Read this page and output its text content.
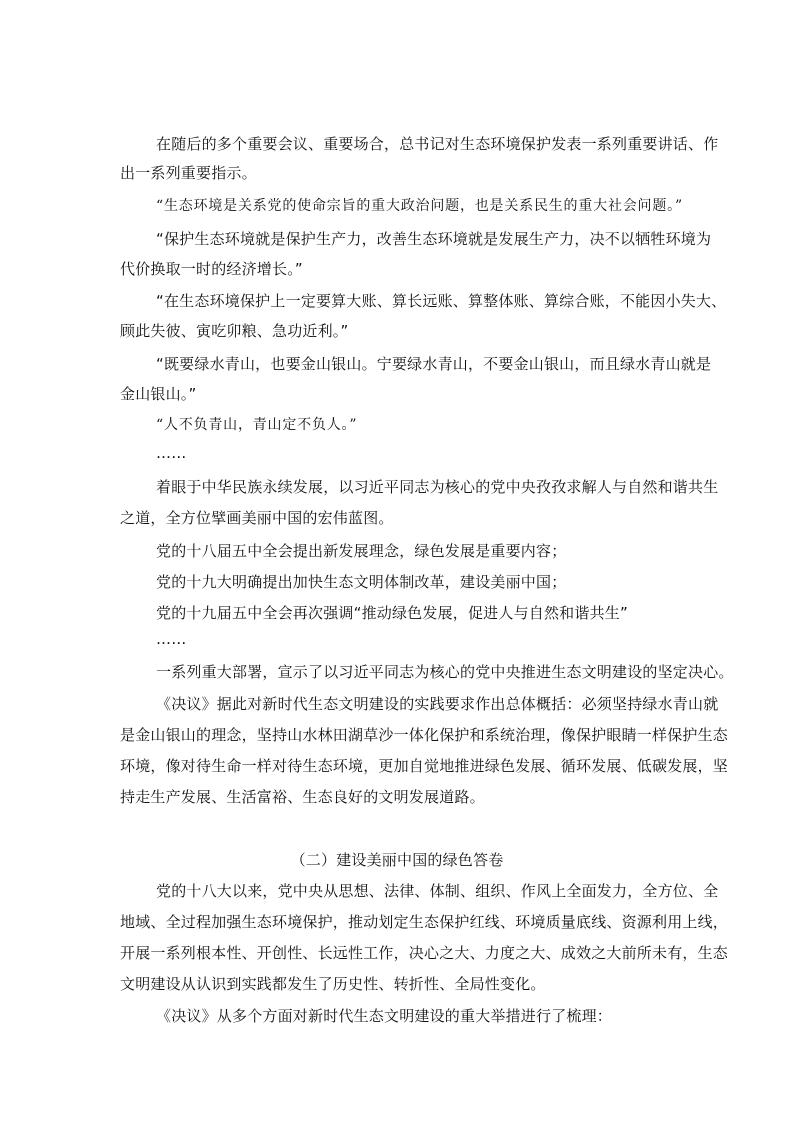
在随后的多个重要会议、重要场合，总书记对生态环境保护发表一系列重要讲话、作
出一系列重要指示。
“生态环境是关系党的使命宗旨的重大政治问题，也是关系民生的重大社会问题。”
“保护生态环境就是保护生产力，改善生态环境就是发展生产力，决不以牺牲环境为
代价换取一时的经济增长。”
“在生态环境保护上一定要算大账、算长远账、算整体账、算综合账，不能因小失大、
顾此失彼、寅吃卯粮、急功近利。”
“既要绿水青山，也要金山银山。宁要绿水青山，不要金山银山，而且绿水青山就是
金山银山。”
“人不负青山，青山定不负人。”
……
着眼于中华民族永续发展，以习近平同志为核心的党中央孜孜求解人与自然和谐共生
之道，全方位擘画美丽中国的宏伟蓝图。
党的十八届五中全会提出新发展理念，绿色发展是重要内容；
党的十九大明确提出加快生态文明体制改革，建设美丽中国；
党的十九届五中全会再次强调“推动绿色发展，促进人与自然和谐共生”
……
一系列重大部署，宣示了以习近平同志为核心的党中央推进生态文明建设的坚定决心。
《决议》据此对新时代生态文明建设的实践要求作出总体概括：必须坚持绿水青山就
是金山银山的理念，坚持山水林田湖草沙一体化保护和系统治理，像保护眼睛一样保护生态
环境，像对待生命一样对待生态环境，更加自觉地推进绿色发展、循环发展、低碳发展，坚
持走生产发展、生活富裕、生态良好的文明发展道路。
（二）建设美丽中国的绿色答卷
党的十八大以来，党中央从思想、法律、体制、组织、作风上全面发力，全方位、全
地域、全过程加强生态环境保护，推动划定生态保护红线、环境质量底线、资源利用上线，
开展一系列根本性、开创性、长远性工作，决心之大、力度之大、成效之大前所未有，生态
文明建设从认识到实践都发生了历史性、转折性、全局性变化。
《决议》从多个方面对新时代生态文明建设的重大举措进行了梳理：
